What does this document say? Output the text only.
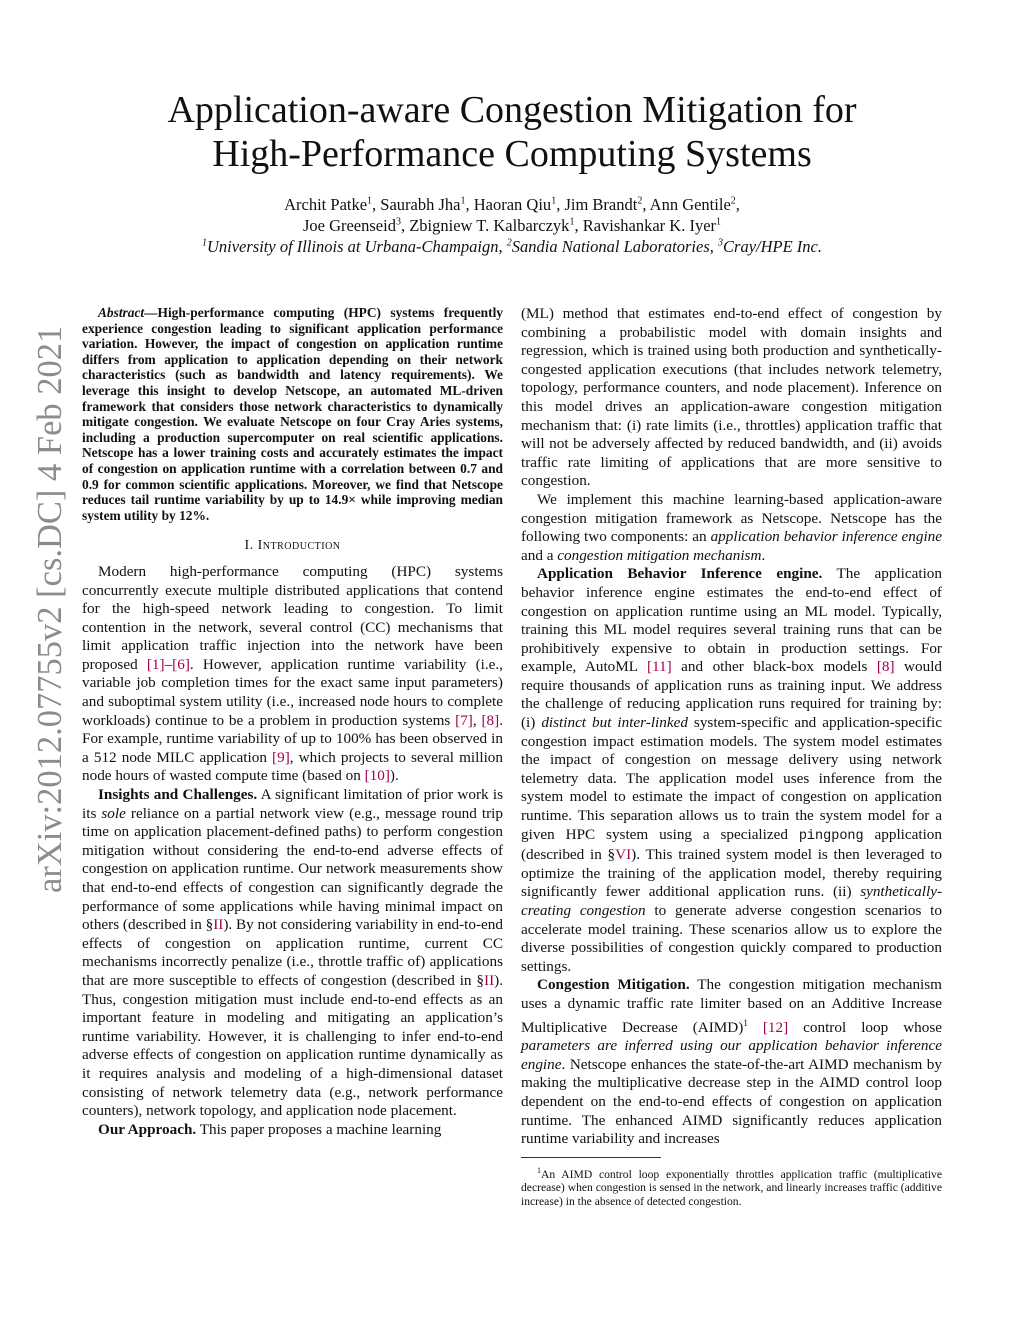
arXiv:2012.07755v2 [cs.DC] 4 Feb 2021
Application-aware Congestion Mitigation for
High-Performance Computing Systems
Archit Patke$^1$, Saurabh Jha$^1$, Haoran Qiu$^1$, Jim Brandt$^2$, Ann Gentile$^2$,
Joe Greenseid$^3$, Zbigniew T. Kalbarczyk$^1$, Ravishankar K. Iyer$^1$
$^1$University of Illinois at Urbana-Champaign, $^2$Sandia National Laboratories, $^3$Cray/HPE Inc.

Abstract—High-performance computing (HPC) systems frequently experience congestion leading to significant application performance variation. However, the impact of congestion on application runtime differs from application to application depending on their network characteristics (such as bandwidth and latency requirements). We leverage this insight to develop Netscope, an automated ML-driven framework that considers those network characteristics to dynamically mitigate congestion. We evaluate Netscope on four Cray Aries systems, including a production supercomputer on real scientific applications. Netscope has a lower training costs and accurately estimates the impact of congestion on application runtime with a correlation between 0.7 and 0.9 for common scientific applications. Moreover, we find that Netscope reduces tail runtime variability by up to 14.9× while improving median system utility by 12%.

I. Introduction

Modern high-performance computing (HPC) systems concurrently execute multiple distributed applications that contend for the high-speed network leading to congestion. To limit contention in the network, several control (CC) mechanisms that limit application traffic injection into the network have been proposed [1]–[6]. However, application runtime variability (i.e., variable job completion times for the exact same input parameters) and suboptimal system utility (i.e., increased node hours to complete workloads) continue to be a problem in production systems [7], [8]. For example, runtime variability of up to 100% has been observed in a 512 node MILC application [9], which projects to several million node hours of wasted compute time (based on [10]).

Insights and Challenges. A significant limitation of prior work is its sole reliance on a partial network view (e.g., message round trip time on application placement-defined paths) to perform congestion mitigation without considering the end-to-end adverse effects of congestion on application runtime. Our network measurements show that end-to-end effects of congestion can significantly degrade the performance of some applications while having minimal impact on others (described in §II). By not considering variability in end-to-end effects of congestion on application runtime, current CC mechanisms incorrectly penalize (i.e., throttle traffic of) applications that are more susceptible to effects of congestion (described in §II). Thus, congestion mitigation must include end-to-end effects as an important feature in modeling and mitigating an application’s runtime variability. However, it is challenging to infer end-to-end adverse effects of congestion on application runtime dynamically as it requires analysis and modeling of a high-dimensional dataset consisting of network telemetry data (e.g., network performance counters), network topology, and application node placement.

Our Approach. This paper proposes a machine learning

(ML) method that estimates end-to-end effect of congestion by combining a probabilistic model with domain insights and regression, which is trained using both production and synthetically-congested application executions (that includes network telemetry, topology, performance counters, and node placement). Inference on this model drives an application-aware congestion mitigation mechanism that: (i) rate limits (i.e., throttles) application traffic that will not be adversely affected by reduced bandwidth, and (ii) avoids traffic rate limiting of applications that are more sensitive to congestion.

We implement this machine learning-based application-aware congestion mitigation framework as Netscope. Netscope has the following two components: an application behavior inference engine and a congestion mitigation mechanism.

Application Behavior Inference engine. The application behavior inference engine estimates the end-to-end effect of congestion on application runtime using an ML model. Typically, training this ML model requires several training runs that can be prohibitively expensive to obtain in production settings. For example, AutoML [11] and other black-box models [8] would require thousands of application runs as training input. We address the challenge of reducing application runs required for training by: (i) distinct but inter-linked system-specific and application-specific congestion impact estimation models. The system model estimates the impact of congestion on message delivery using network telemetry data. The application model uses inference from the system model to estimate the impact of congestion on application runtime. This separation allows us to train the system model for a given HPC system using a specialized pingpong application (described in §VI). This trained system model is then leveraged to optimize the training of the application model, thereby requiring significantly fewer additional application runs. (ii) synthetically-creating congestion to generate adverse congestion scenarios to accelerate model training. These scenarios allow us to explore the diverse possibilities of congestion quickly compared to production settings.

Congestion Mitigation. The congestion mitigation mechanism uses a dynamic traffic rate limiter based on an Additive Increase Multiplicative Decrease (AIMD)$^1$ [12] control loop whose parameters are inferred using our application behavior inference engine. Netscope enhances the state-of-the-art AIMD mechanism by making the multiplicative decrease step in the AIMD control loop dependent on the end-to-end effects of congestion on application runtime. The enhanced AIMD significantly reduces application runtime variability and increases

$^1$An AIMD control loop exponentially throttles application traffic (multiplicative decrease) when congestion is sensed in the network, and linearly increases traffic (additive increase) in the absence of detected congestion.
